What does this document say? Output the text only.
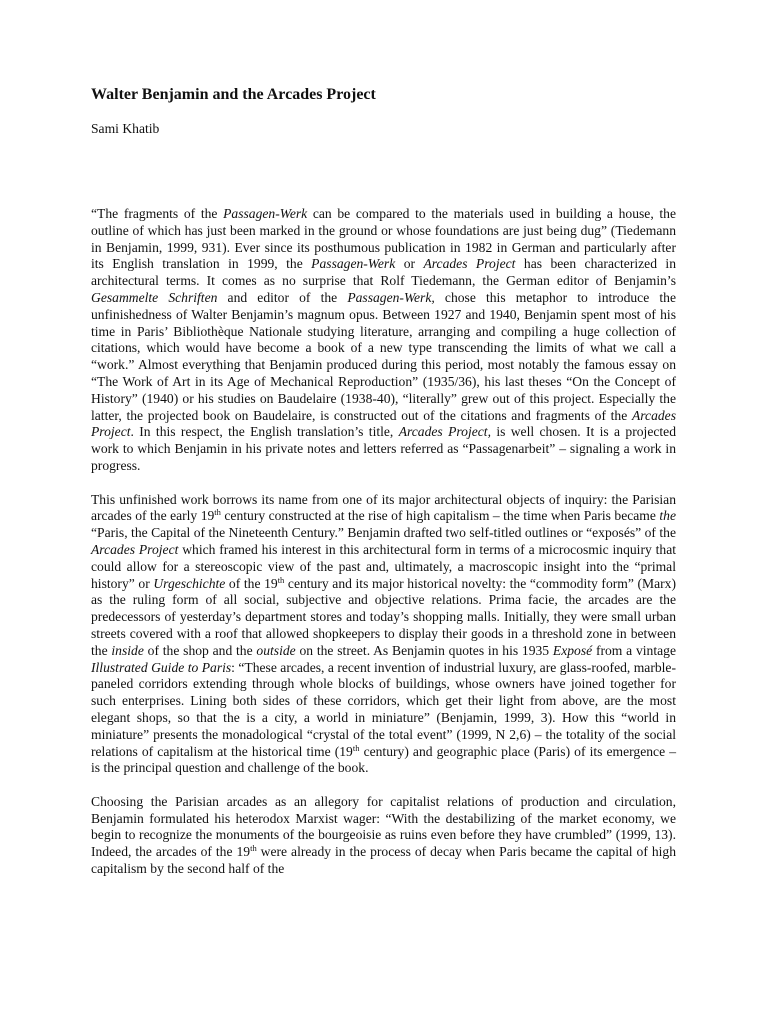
Walter Benjamin and the Arcades Project

Sami Khatib

“The fragments of the Passagen-Werk can be compared to the materials used in building a house, the outline of which has just been marked in the ground or whose foundations are just being dug” (Tiedemann in Benjamin, 1999, 931). Ever since its posthumous publication in 1982 in German and particularly after its English translation in 1999, the Passagen-Werk or Arcades Project has been characterized in architectural terms. It comes as no surprise that Rolf Tiedemann, the German editor of Benjamin’s Gesammelte Schriften and editor of the Passagen-Werk, chose this metaphor to introduce the unfinishedness of Walter Benjamin’s magnum opus. Between 1927 and 1940, Benjamin spent most of his time in Paris’ Bibliothèque Nationale studying literature, arranging and compiling a huge collection of citations, which would have become a book of a new type transcending the limits of what we call a “work.” Almost everything that Benjamin produced during this period, most notably the famous essay on “The Work of Art in its Age of Mechanical Reproduction” (1935/36), his last theses “On the Concept of History” (1940) or his studies on Baudelaire (1938-40), “literally” grew out of this project. Especially the latter, the projected book on Baudelaire, is constructed out of the citations and fragments of the Arcades Project. In this respect, the English translation’s title, Arcades Project, is well chosen. It is a projected work to which Benjamin in his private notes and letters referred as “Passagenarbeit” – signaling a work in progress.

This unfinished work borrows its name from one of its major architectural objects of inquiry: the Parisian arcades of the early 19th century constructed at the rise of high capitalism – the time when Paris became the “Paris, the Capital of the Nineteenth Century.” Benjamin drafted two self-titled outlines or “exposés” of the Arcades Project which framed his interest in this architectural form in terms of a microcosmic inquiry that could allow for a stereoscopic view of the past and, ultimately, a macroscopic insight into the “primal history” or Urgeschichte of the 19th century and its major historical novelty: the “commodity form” (Marx) as the ruling form of all social, subjective and objective relations. Prima facie, the arcades are the predecessors of yesterday’s department stores and today’s shopping malls. Initially, they were small urban streets covered with a roof that allowed shopkeepers to display their goods in a threshold zone in between the inside of the shop and the outside on the street. As Benjamin quotes in his 1935 Exposé from a vintage Illustrated Guide to Paris: “These arcades, a recent invention of industrial luxury, are glass-roofed, marble-paneled corridors extending through whole blocks of buildings, whose owners have joined together for such enterprises. Lining both sides of these corridors, which get their light from above, are the most elegant shops, so that the is a city, a world in miniature” (Benjamin, 1999, 3). How this “world in miniature” presents the monadological “crystal of the total event” (1999, N 2,6) – the totality of the social relations of capitalism at the historical time (19th century) and geographic place (Paris) of its emergence – is the principal question and challenge of the book.

Choosing the Parisian arcades as an allegory for capitalist relations of production and circulation, Benjamin formulated his heterodox Marxist wager: “With the destabilizing of the market economy, we begin to recognize the monuments of the bourgeoisie as ruins even before they have crumbled” (1999, 13). Indeed, the arcades of the 19th were already in the process of decay when Paris became the capital of high capitalism by the second half of the
